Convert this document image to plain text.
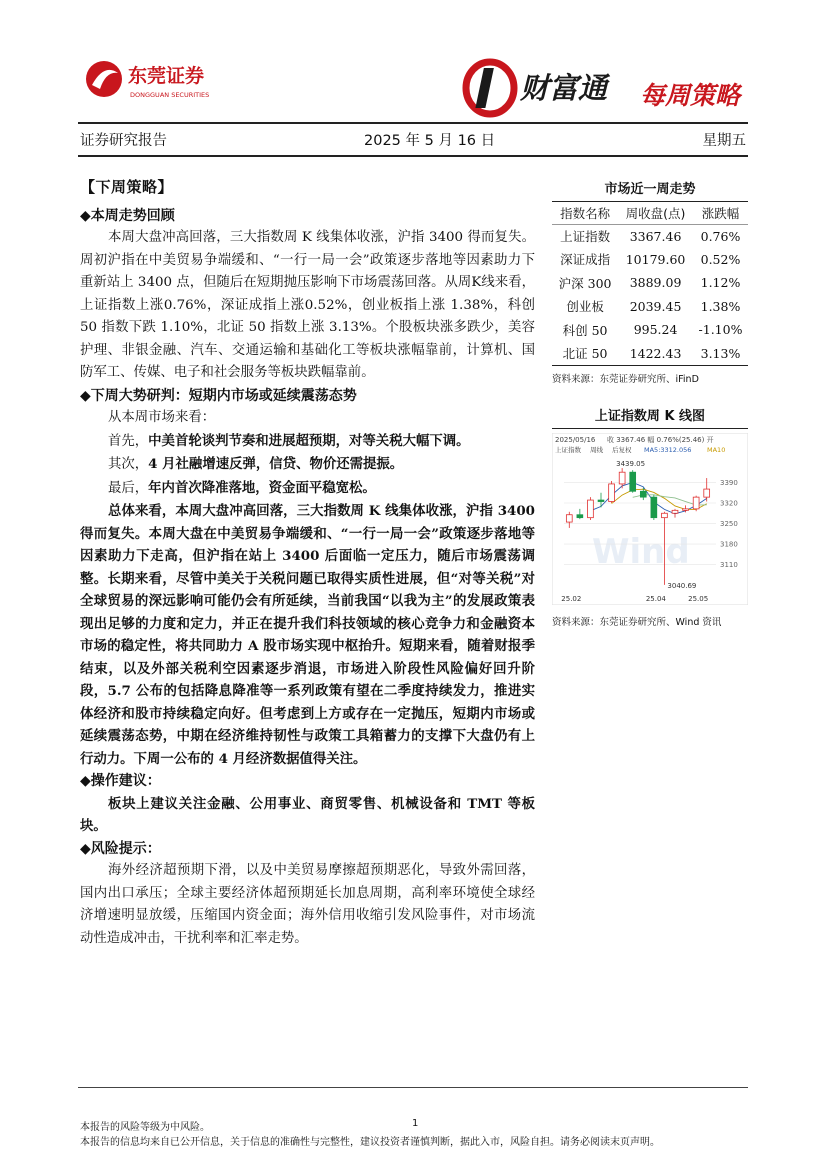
东莞证券
DONGGUAN SECURITIES	财富通 每周策略
证券研究报告	2025 年 5 月 16 日	星期五
【下周策略】

◆本周走势回顾

本周大盘冲高回落，三大指数周 K 线集体收涨，沪指 3400 得而复失。周初沪指在中美贸易争端缓和、“一行一局一会”政策逐步落地等因素助力下重新站上 3400 点，但随后在短期抛压影响下市场震荡回落。从周K线来看，上证指数上涨0.76%，深证成指上涨0.52%，创业板指上涨 1.38%，科创 50 指数下跌 1.10%，北证 50 指数上涨 3.13%。个股板块涨多跌少，美容护理、非银金融、汽车、交通运输和基础化工等板块涨幅靠前，计算机、国防军工、传媒、电子和社会服务等板块跌幅靠前。

◆下周大势研判：短期内市场或延续震荡态势

从本周市场来看：

首先，中美首轮谈判节奏和进展超预期，对等关税大幅下调。

其次，4 月社融增速反弹，信贷、物价还需提振。

最后，年内首次降准落地，资金面平稳宽松。

总体来看，本周大盘冲高回落，三大指数周 K 线集体收涨，沪指 3400 得而复失。本周大盘在中美贸易争端缓和、“一行一局一会”政策逐步落地等因素助力下走高，但沪指在站上 3400 后面临一定压力，随后市场震荡调整。长期来看，尽管中美关于关税问题已取得实质性进展，但“对等关税”对全球贸易的深远影响可能仍会有所延续，当前我国“以我为主”的发展政策表现出足够的力度和定力，并正在提升我们科技领域的核心竞争力和金融资本市场的稳定性，将共同助力 A 股市场实现中枢抬升。短期来看，随着财报季结束，以及外部关税利空因素逐步消退，市场进入阶段性风险偏好回升阶段，5.7 公布的包括降息降准等一系列政策有望在二季度持续发力，推进实体经济和股市持续稳定向好。但考虑到上方或存在一定抛压，短期内市场或延续震荡态势，中期在经济维持韧性与政策工具箱蓄力的支撑下大盘仍有上行动力。下周一公布的 4 月经济数据值得关注。

◆操作建议：

板块上建议关注金融、公用事业、商贸零售、机械设备和 TMT 等板块。

◆风险提示：

海外经济超预期下滑，以及中美贸易摩擦超预期恶化，导致外需回落，国内出口承压；全球主要经济体超预期延长加息周期，高利率环境使全球经济增速明显放缓，压缩国内资金面；海外信用收缩引发风险事件，对市场流动性造成冲击，干扰利率和汇率走势。

市场近一周走势
指数名称	周收盘(点)	涨跌幅
上证指数	3367.46	0.76%
深证成指	10179.60	0.52%
沪深 300	3889.09	1.12%
创业板	2039.45	1.38%
科创 50	995.24	-1.10%
北证 50	1422.43	3.13%
资料来源：东莞证券研究所、iFinD
上证指数周 K 线图
Wind
2025/05/16 收 3367.46 幅 0.76%(25.46) 开
上证指数 周线 后复权 MA5:3312.056 MA10
3390
3320
3250
3180
3110
25.02	25.04	25.05
3439.05
3040.69
资料来源：东莞证券研究所、Wind 资讯
1
本报告的风险等级为中风险。
本报告的信息均来自已公开信息，关于信息的准确性与完整性，建议投资者谨慎判断，据此入市，风险自担。请务必阅读末页声明。
